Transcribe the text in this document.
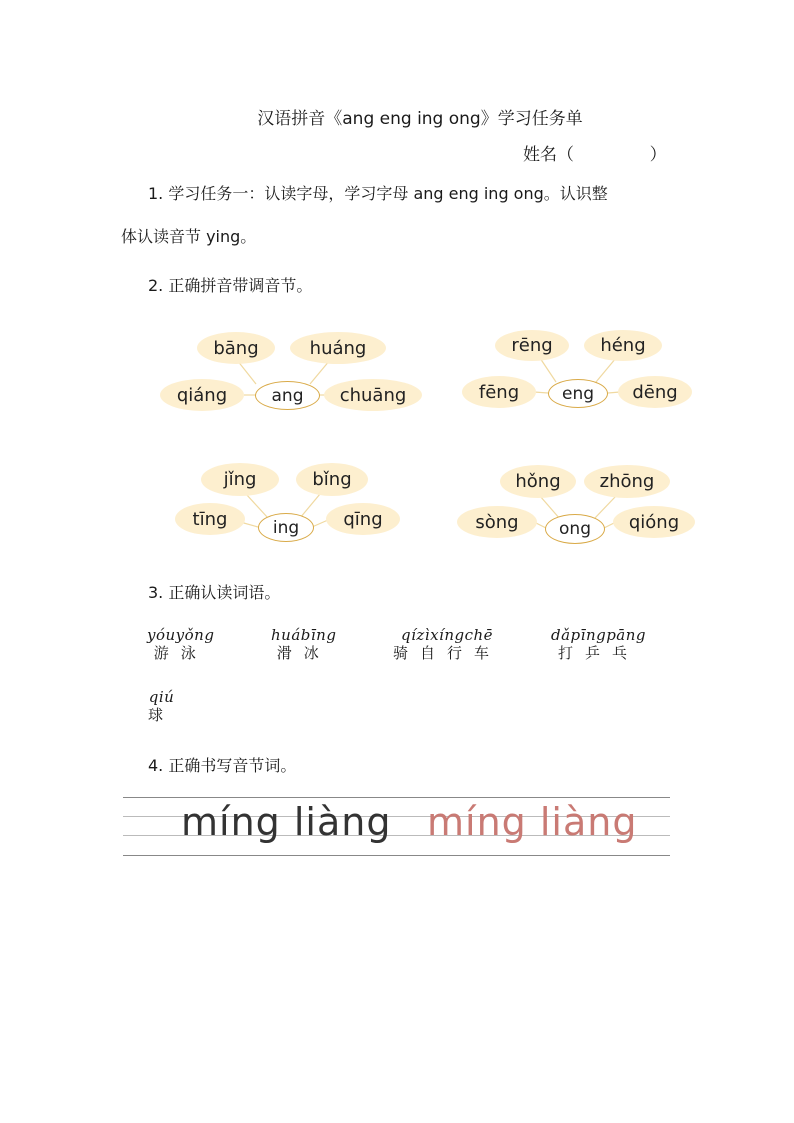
汉语拼音《ang eng ing ong》学习任务单
姓名（              ）
1. 学习任务一：认读字母，学习字母 ang eng ing ong。认识整
体认读音节 ying。
2. 正确拼音带调音节。
bāng	huáng
qiáng	chuāng
ang
rēng	héng
fēng	dēng
eng
jǐng	bǐng
tīng	qīng
ing
hǒng	zhōng
sòng	qióng
ong
3. 正确认读词语。
yóuyǒng
游泳
huábīng
滑冰
qízìxíngchē
骑自行车
dǎpīngpāng
打乒乓
qiú
球
4. 正确书写音节词。
míng liàng míng liàng
